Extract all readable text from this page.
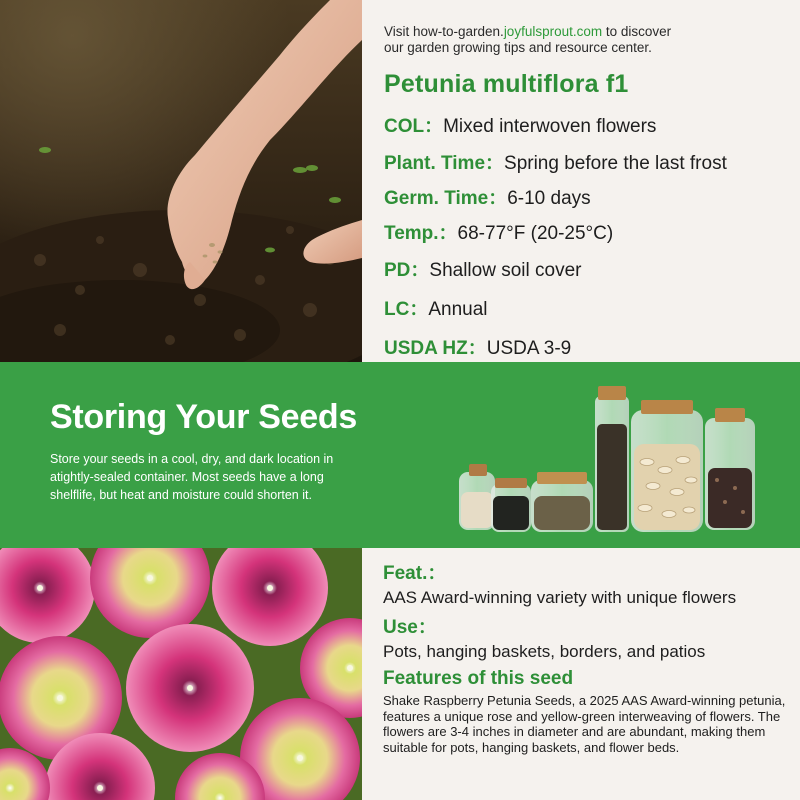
Visit how-to-garden.joyfulsprout.com to discover
our garden growing tips and resource center.
Petunia multiflora f1
COL：Mixed interwoven flowers
Plant. Time：Spring before the last frost
Germ. Time：6-10 days
Temp.：68-77°F (20-25°C)
PD：Shallow soil cover
LC：Annual
USDA HZ：USDA 3-9
Storing Your Seeds
Store your seeds in a cool, dry, and dark location in atightly-sealed container. Most seeds have a long shelflife, but heat and moisture could shorten it.
Feat.：
AAS Award-winning variety with unique flowers
Use：
Pots, hanging baskets, borders, and patios
Features of this seed
Shake Raspberry Petunia Seeds, a 2025 AAS Award-winning petunia, features a unique rose and yellow-green interweaving of flowers. The flowers are 3-4 inches in diameter and are abundant, making them suitable for pots, hanging baskets, and flower beds.
